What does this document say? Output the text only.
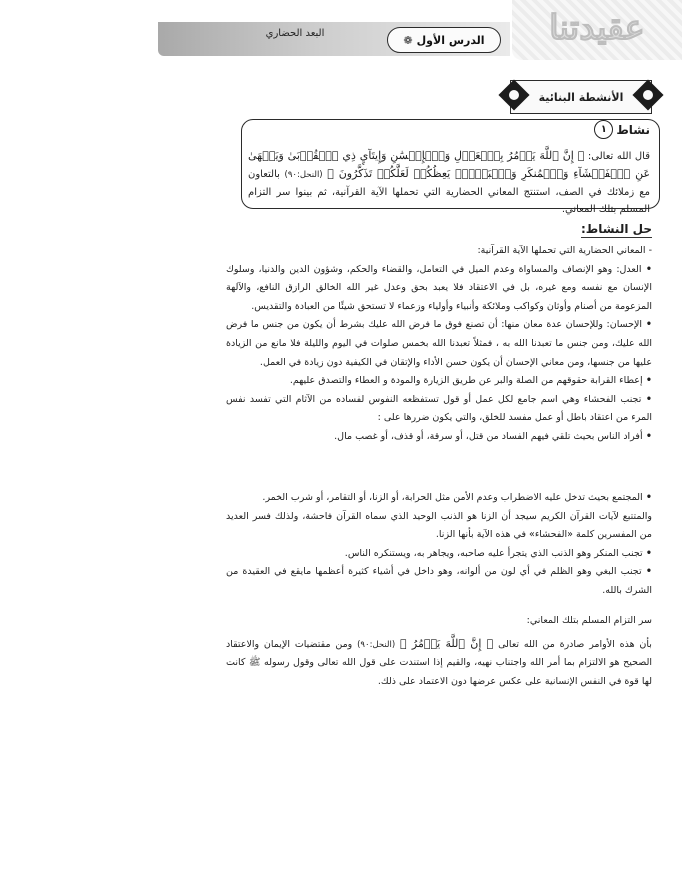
البعد الحضاري	الدرس الأول
❁	عقيدتنا
الأنشطة البنائية
نشاط
١
قال الله تعالى: ﴿ إِنَّ ٱللَّهَ يَأۡمُرُ بِٱلۡعَدۡلِ وَٱلۡإِحۡسَٰنِ وَإِيتَآيِٕ ذِي ٱلۡقُرۡبَىٰ وَيَنۡهَىٰ عَنِ ٱلۡفَحۡشَآءِ وَٱلۡمُنكَرِ وَٱلۡبَغۡيِۚ يَعِظُكُمۡ لَعَلَّكُمۡ تَذَكَّرُونَ ﴾ (النحل:٩٠) بالتعاون مع زملائك في الصف، استنتج المعاني الحضارية التي تحملها الآية القرآنية، ثم بينوا سر التزام المسلم بتلك المعاني.
حل النشاط:

- المعاني الحضارية التي تحملها الآية القرآنية:

• العدل: وهو الإنصاف والمساواة وعدم الميل في التعامل، والقضاء والحكم، وشؤون الدين والدنيا، وسلوك الإنسان مع نفسه ومع غيره، بل في الاعتقاد فلا يعبد بحق وعدل غير الله الخالق الرازق النافع، والآلهة المزعومة من أصنام وأوثان وكواكب وملائكة وأنبياء وأولياء وزعماء لا تستحق شيئًا من العبادة والتقديس.

• الإحسان: وللإحسان عدة معان منها: أن تصنع فوق ما فرض الله عليك بشرط أن يكون من جنس ما فرض الله عليك، ومن جنس ما تعبدنا الله به ، فمثلاً تعبدنا الله بخمس صلوات في اليوم والليلة فلا مانع من الزيادة عليها من جنسها، ومن معاني الإحسان أن يكون حسن الأداء والإتقان في الكيفية دون زيادة في العمل.

• إعطاء القرابة حقوقهم من الصلة والبر عن طريق الزيارة والمودة و العطاء والتصدق عليهم.

• تجنب الفحشاء وهي اسم جامع لكل عمل أو قول تستفظعه النفوس لفساده من الآثام التي تفسد نفس المرء من اعتقاد باطل أو عمل مفسد للخلق، والتي يكون ضررها على :

• أفراد الناس بحيث تلقي فيهم الفساد من قتل، أو سرقة، أو قذف، أو غصب مال.

• المجتمع بحيث تدخل عليه الاضطراب وعدم الأمن مثل الحرابة، أو الزنا، أو التقامر، أو شرب الخمر.

والمتتبع لآيات القرآن الكريم سيجد أن الزنا هو الذنب الوحيد الذي سماه القرآن فاحشة، ولذلك فسر العديد من المفسرين كلمة «الفحشاء» في هذه الآية بأنها الزنا.

• تجنب المنكر وهو الذنب الذي يتجرأ عليه صاحبه، ويجاهر به، ويستنكره الناس.

• تجنب البغي وهو الظلم في أي لون من ألوانه، وهو داخل في أشياء كثيرة أعظمها مايقع في العقيدة من الشرك بالله.

سر التزام المسلم بتلك المعاني:

بأن هذه الأوامر صادرة من الله تعالى ﴿ إِنَّ ٱللَّهَ يَأۡمُرُ ﴾ (النحل:٩٠) ومن مقتضيات الإيمان والاعتقاد الصحيح هو الالتزام بما أمر الله واجتناب نهيه، والقيم إذا استندت على قول الله تعالى وقول رسوله ﷺ كانت لها قوة في النفس الإنسانية على عكس عرضها دون الاعتماد على ذلك.
